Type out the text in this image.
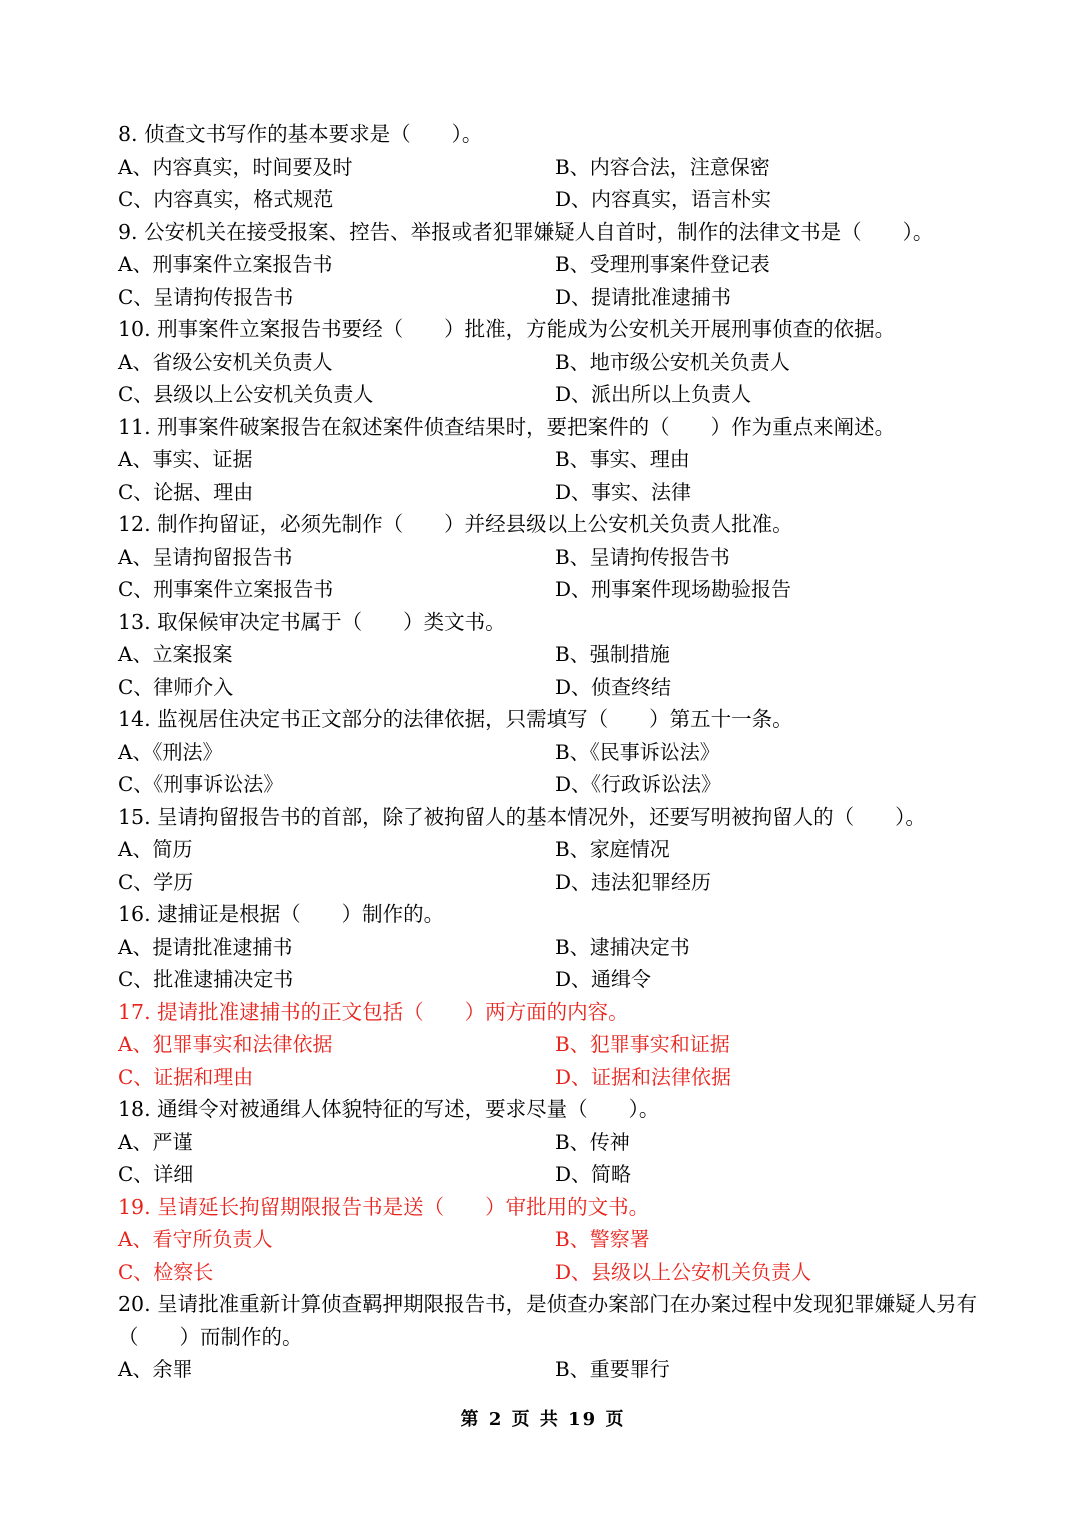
8. 侦查文书写作的基本要求是（　　）。
A、内容真实，时间要及时	B、内容合法，注意保密
C、内容真实，格式规范	D、内容真实，语言朴实
9. 公安机关在接受报案、控告、举报或者犯罪嫌疑人自首时，制作的法律文书是（　　）。
A、刑事案件立案报告书	B、受理刑事案件登记表
C、呈请拘传报告书	D、提请批准逮捕书
10. 刑事案件立案报告书要经（　　）批准，方能成为公安机关开展刑事侦查的依据。
A、省级公安机关负责人	B、地市级公安机关负责人
C、县级以上公安机关负责人	D、派出所以上负责人
11. 刑事案件破案报告在叙述案件侦查结果时，要把案件的（　　）作为重点来阐述。
A、事实、证据	B、事实、理由
C、论据、理由	D、事实、法律
12. 制作拘留证，必须先制作（　　）并经县级以上公安机关负责人批准。
A、呈请拘留报告书	B、呈请拘传报告书
C、刑事案件立案报告书	D、刑事案件现场勘验报告
13. 取保候审决定书属于（　　）类文书。
A、立案报案	B、强制措施
C、律师介入	D、侦查终结
14. 监视居住决定书正文部分的法律依据，只需填写（　　）第五十一条。
A、《刑法》	B、《民事诉讼法》
C、《刑事诉讼法》	D、《行政诉讼法》
15. 呈请拘留报告书的首部，除了被拘留人的基本情况外，还要写明被拘留人的（　　）。
A、简历	B、家庭情况
C、学历	D、违法犯罪经历
16. 逮捕证是根据（　　）制作的。
A、提请批准逮捕书	B、逮捕决定书
C、批准逮捕决定书	D、通缉令
17. 提请批准逮捕书的正文包括（　　）两方面的内容。
A、犯罪事实和法律依据	B、犯罪事实和证据
C、证据和理由	D、证据和法律依据
18. 通缉令对被通缉人体貌特征的写述，要求尽量（　　）。
A、严谨	B、传神
C、详细	D、简略
19. 呈请延长拘留期限报告书是送（　　）审批用的文书。
A、看守所负责人	B、警察署
C、检察长	D、县级以上公安机关负责人
20. 呈请批准重新计算侦查羁押期限报告书，是侦查办案部门在办案过程中发现犯罪嫌疑人另有（　　）而制作的。
A、余罪	B、重要罪行
第 2 页 共 19 页
